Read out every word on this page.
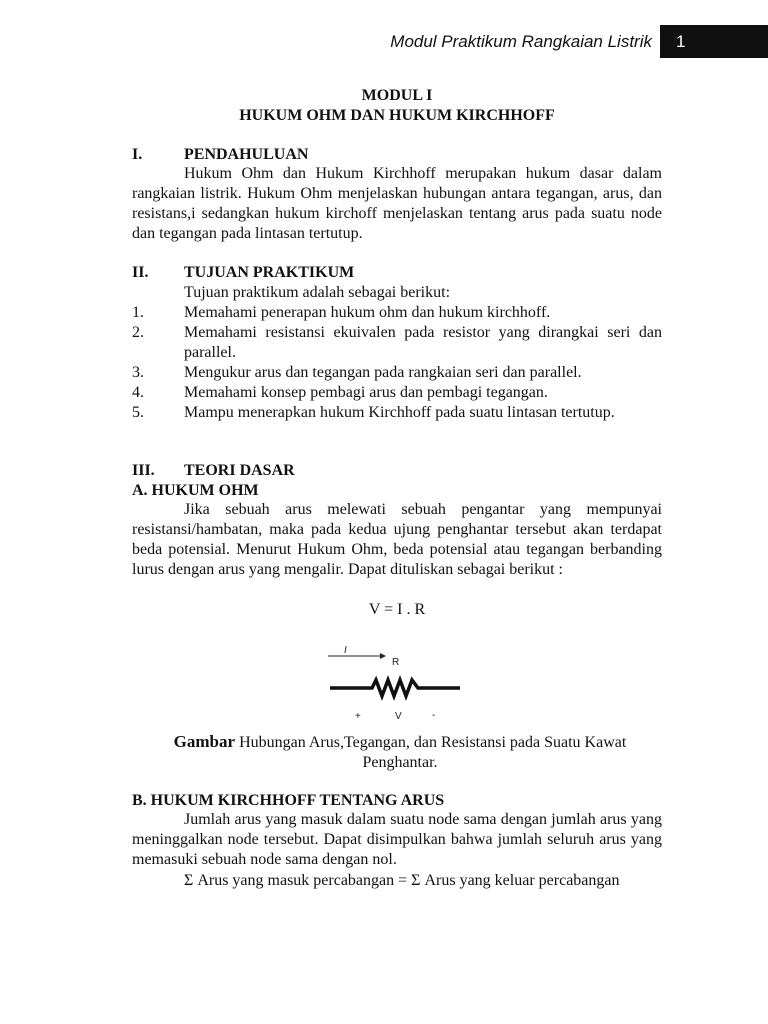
Modul Praktikum Rangkaian Listrik 1
MODUL I
HUKUM OHM DAN HUKUM KIRCHHOFF
I.	PENDAHULUAN
Hukum Ohm dan Hukum Kirchhoff merupakan hukum dasar dalam rangkaian listrik. Hukum Ohm menjelaskan hubungan antara tegangan, arus, dan resistans,i sedangkan hukum kirchoff menjelaskan tentang arus pada suatu node dan tegangan pada lintasan tertutup.
II. TUJUAN PRAKTIKUM
Tujuan praktikum adalah sebagai berikut:
1.	Memahami penerapan hukum ohm dan hukum kirchhoff.
2.	Memahami resistansi ekuivalen pada resistor yang dirangkai seri dan parallel.
3.	Mengukur arus dan tegangan pada rangkaian seri dan parallel.
4.	Memahami konsep pembagi arus dan pembagi tegangan.
5.	Mampu menerapkan hukum Kirchhoff pada suatu lintasan tertutup.
III. TEORI DASAR
A. HUKUM OHM
Jika sebuah arus melewati sebuah pengantar yang mempunyai resistansi/hambatan, maka pada kedua ujung penghantar tersebut akan terdapat beda potensial. Menurut Hukum Ohm, beda potensial atau tegangan berbanding lurus dengan arus yang mengalir. Dapat dituliskan sebagai berikut :
V = I . R
I
R
+	V	-
Gambar Hubungan Arus,Tegangan, dan Resistansi pada Suatu Kawat Penghantar.
B. HUKUM KIRCHHOFF TENTANG ARUS
Jumlah arus yang masuk dalam suatu node sama dengan jumlah arus yang meninggalkan node tersebut. Dapat disimpulkan bahwa jumlah seluruh arus yang memasuki sebuah node sama dengan nol.
Σ Arus yang masuk percabangan = Σ Arus yang keluar percabangan
